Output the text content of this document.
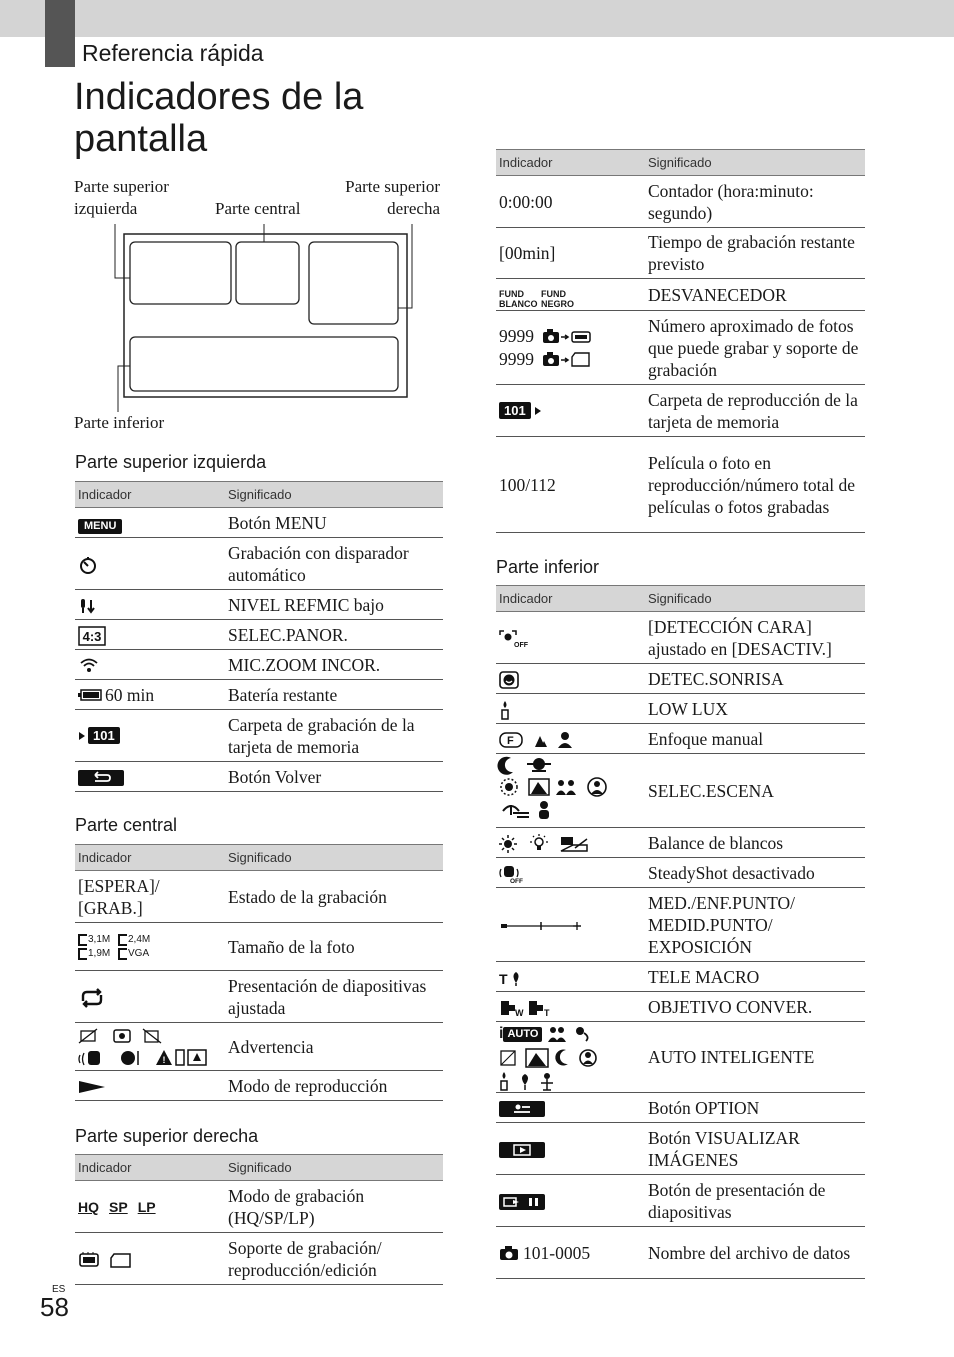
Referencia rápida
Indicadores de la pantalla
Parte superior izquierda	Parte central
Parte superior derecha
Parte inferior
Parte superior izquierda
Indicador	Significado
MENU	Botón MENU

	Grabación con disparador automático

	NIVEL REFMIC bajo

4:3	SELEC.PANOR.

	MIC.ZOOM INCOR.

60 min	Batería restante

101	Carpeta de grabación de la tarjeta de memoria

	Botón Volver
Parte central
Indicador	Significado
[ESPERA]/ [GRAB.]	Estado de la grabación

3,1M 2,4M
1,9M VGA	Tamaño de la foto

	Presentación de diapositivas ajustada

!	Advertencia

	Modo de reproducción
Parte superior derecha
Indicador	Significado

HQ SP LP	Modo de grabación (HQ/SP/LP)

	Soporte de grabación/ reproducción/edición
Indicador	Significado
0:00:00	Contador (hora:minuto: segundo)
[00min]	Tiempo de grabación restante previsto

FUND BLANCO
FUND NEGRO	DESVANECEDOR

9999
9999	Número aproximado de fotos que puede grabar y soporte de grabación

101	Carpeta de reproducción de la tarjeta de memoria
100/112	Película o foto en reproducción/número total de películas o fotos grabadas
Parte inferior
Indicador	Significado

OFF	[DETECCIÓN CARA] ajustado en [DESACTIV.]

	DETEC.SONRISA

	LOW LUX

F	Enfoque manual
	SELEC.ESCENA

	Balance de blancos

OFF	SteadyShot desactivado

	MED./ENF.PUNTO/ MEDID.PUNTO/ EXPOSICIÓN

T	TELE MACRO

W T	OBJETIVO CONVER.

i AUTO	AUTO INTELIGENTE

	Botón OPTION

	Botón VISUALIZAR IMÁGENES

	Botón de presentación de diapositivas

101-0005	Nombre del archivo de datos
ES
58
